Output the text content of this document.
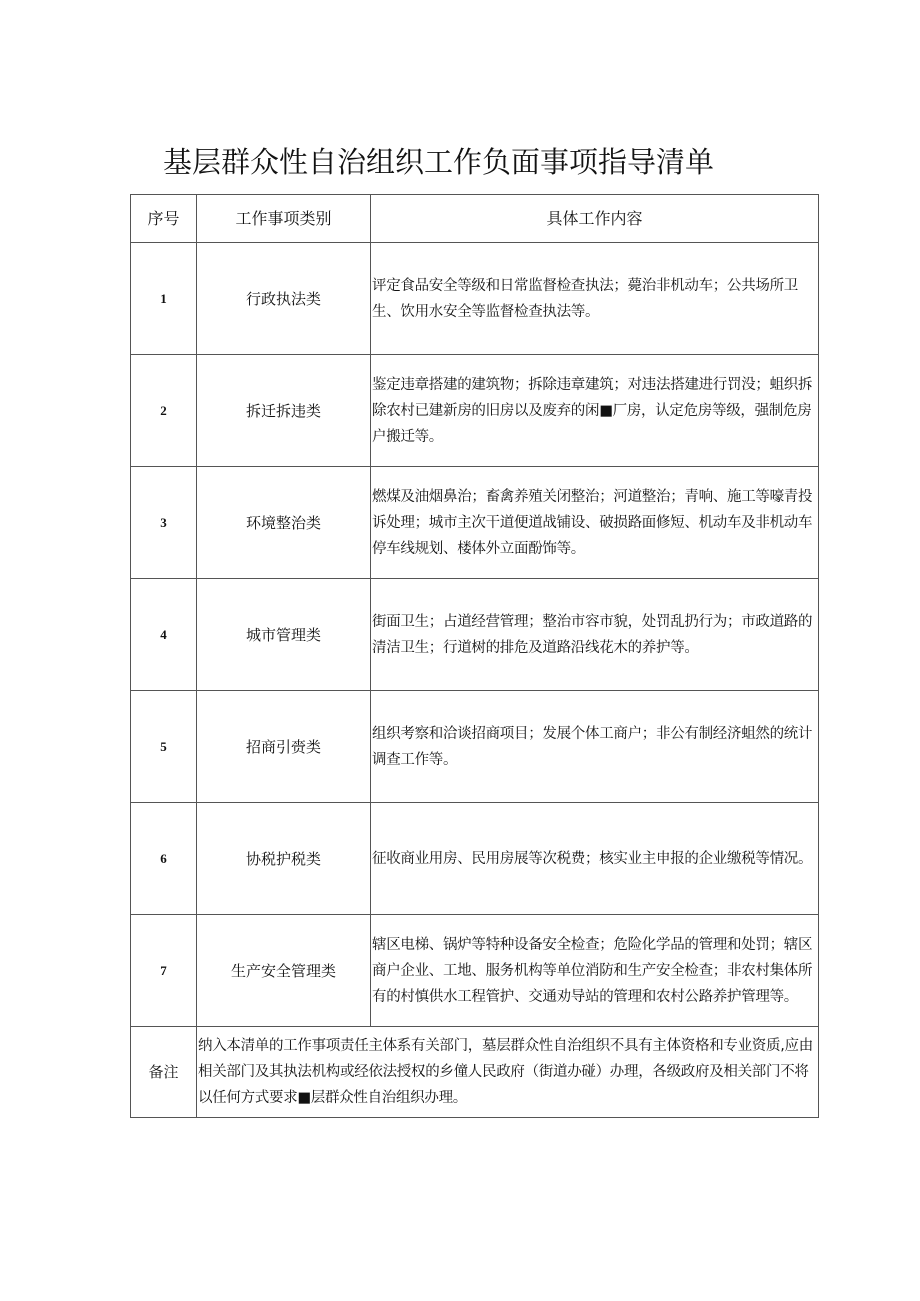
基层群众性自治组织工作负面事项指导清单
序号	工作事项类别	具体工作内容
1	行政执法类	评定食品安全等级和日常监督检查执法；薨治非机动车；公共场所卫生、饮用水安全等监督检查执法等。
2	拆迁拆违类	鉴定违章搭建的建筑物；拆除违章建筑；对违法搭建进行罚没；蛆织拆除农村已建新房的旧房以及废弃的闲■厂房，认定危房等级，强制危房户搬迁等。
3	环境整治类	燃煤及油烟鼻治；畜禽养殖关闭整治；河道整治；青响、施工等嚎青投诉处理；城市主次干道便道战铺设、破损路面修短、机动车及非机动车停车线规划、楼体外立面酚饰等。
4	城市管理类	街面卫生；占道经营管理；整治市容市貌，处罚乱扔行为；市政道路的清洁卫生；行道树的排危及道路沿线花木的养护等。
5	招商引赍类	组织考察和洽谈招商项目；发展个体工商户；非公有制经济蛆然的统计调查工作等。
6	协税护税类	征收商业用房、民用房展等次税费；核实业主申报的企业缴税等情况。
7	生产安全管理类	辖区电梯、锅炉等特种设备安全检查；危险化学品的管理和处罚；辖区商户企业、工地、服务机构等单位消防和生产安全检查；非农村集体所有的村慎供水工程管护、交通劝导站的管理和农村公路养护管理等。
备注	纳入本清单的工作事项责任主体系有关部门，墓层群众性自治组织不具有主体资格和专业资质,应由相关部门及其执法机构或经依法授权的乡僮人民政府（街道办碰）办理，各级政府及相关部门不将以任何方式要求■层群众性自治组织办理。	
